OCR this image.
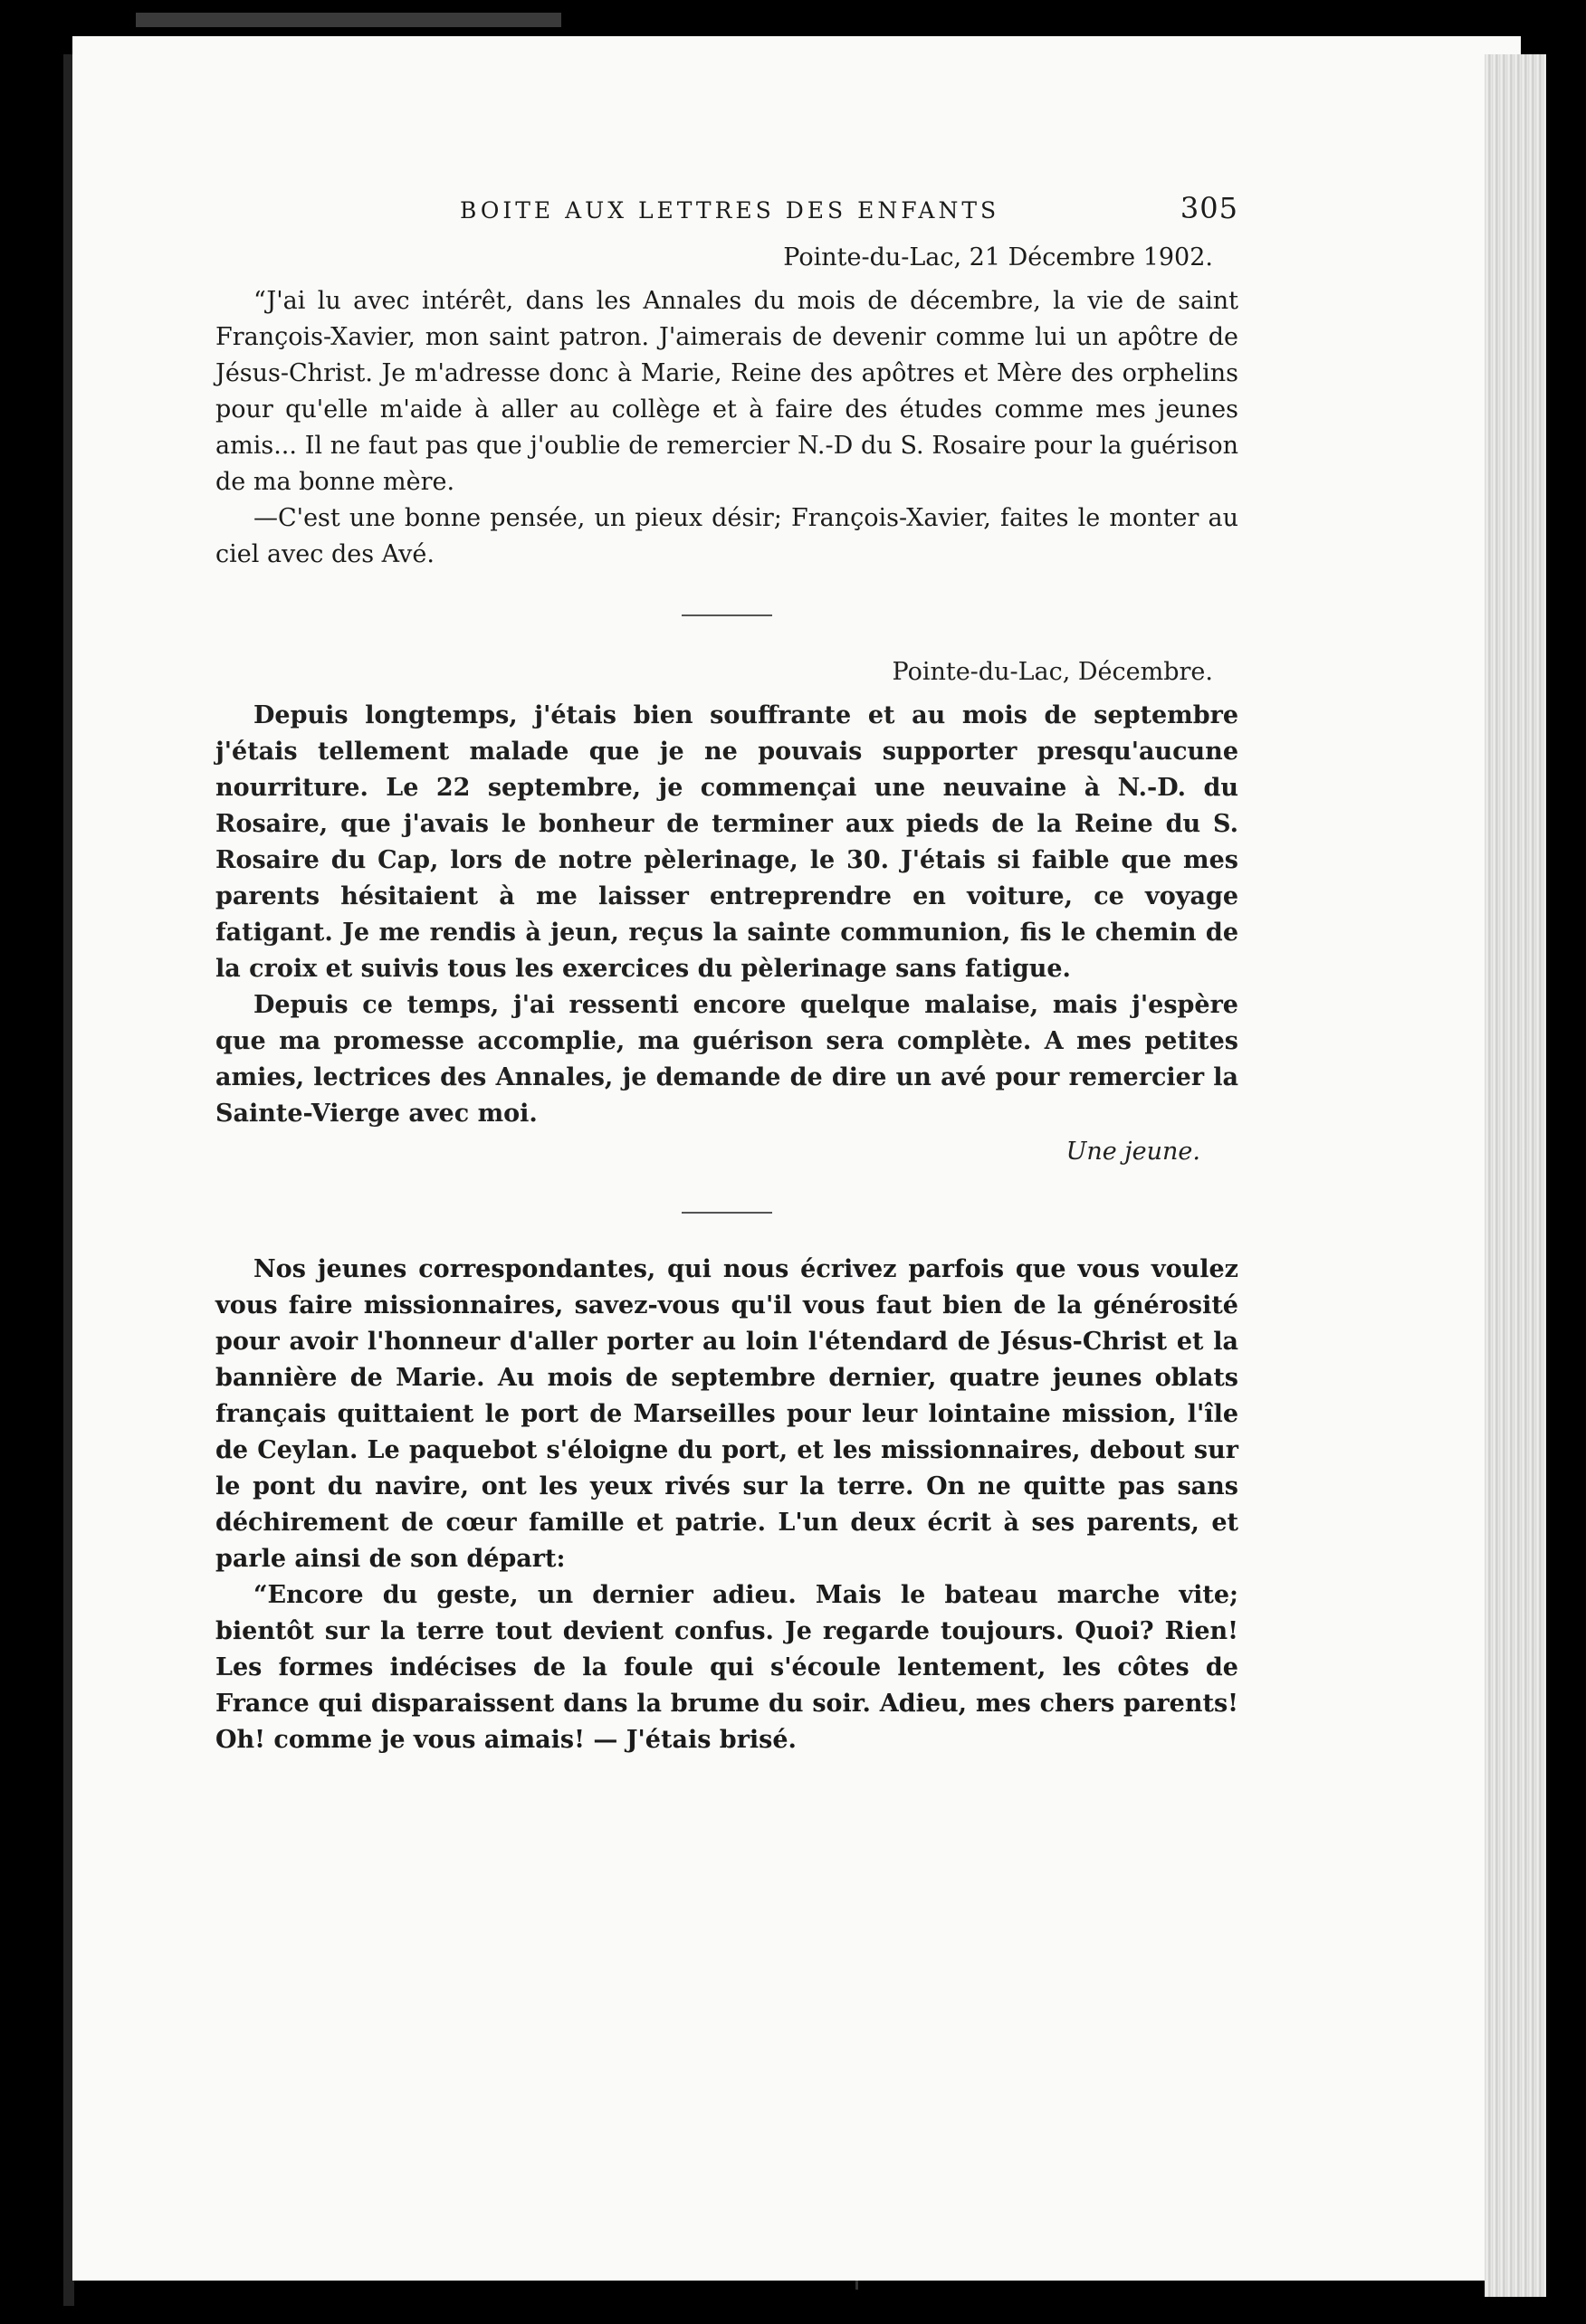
BOITE AUX LETTRES DES ENFANTS	305
Pointe-du-Lac, 21 Décembre 1902.

“J'ai lu avec intérêt, dans les Annales du mois de décembre, la vie de saint François-Xavier, mon saint patron. J'aimerais de devenir comme lui un apôtre de Jésus-Christ. Je m'adresse donc à Marie, Reine des apôtres et Mère des orphelins pour qu'elle m'aide à aller au collège et à faire des études comme mes jeunes amis... Il ne faut pas que j'oublie de remercier N.-D du S. Rosaire pour la guérison de ma bonne mère.

—C'est une bonne pensée, un pieux désir; François-Xavier, faites le monter au ciel avec des Avé.

Pointe-du-Lac, Décembre.

Depuis longtemps, j'étais bien souffrante et au mois de septembre j'étais tellement malade que je ne pouvais supporter presqu'aucune nourriture. Le 22 septembre, je commençai une neuvaine à N.-D. du Rosaire, que j'avais le bonheur de terminer aux pieds de la Reine du S. Rosaire du Cap, lors de notre pèlerinage, le 30. J'étais si faible que mes parents hésitaient à me laisser entreprendre en voiture, ce voyage fatigant. Je me rendis à jeun, reçus la sainte communion, fis le chemin de la croix et suivis tous les exercices du pèlerinage sans fatigue.

Depuis ce temps, j'ai ressenti encore quelque malaise, mais j'espère que ma promesse accomplie, ma guérison sera complète. A mes petites amies, lectrices des Annales, je demande de dire un avé pour remercier la Sainte-Vierge avec moi.

Une jeune.

Nos jeunes correspondantes, qui nous écrivez parfois que vous voulez vous faire missionnaires, savez-vous qu'il vous faut bien de la générosité pour avoir l'honneur d'aller porter au loin l'étendard de Jésus-Christ et la bannière de Marie. Au mois de septembre dernier, quatre jeunes oblats français quittaient le port de Marseilles pour leur lointaine mission, l'île de Ceylan. Le paquebot s'éloigne du port, et les missionnaires, debout sur le pont du navire, ont les yeux rivés sur la terre. On ne quitte pas sans déchirement de cœur famille et patrie. L'un deux écrit à ses parents, et parle ainsi de son départ:

“Encore du geste, un dernier adieu. Mais le bateau marche vite; bientôt sur la terre tout devient confus. Je regarde toujours. Quoi? Rien! Les formes indécises de la foule qui s'écoule lentement, les côtes de France qui disparaissent dans la brume du soir. Adieu, mes chers parents! Oh! comme je vous aimais! — J'étais brisé.
